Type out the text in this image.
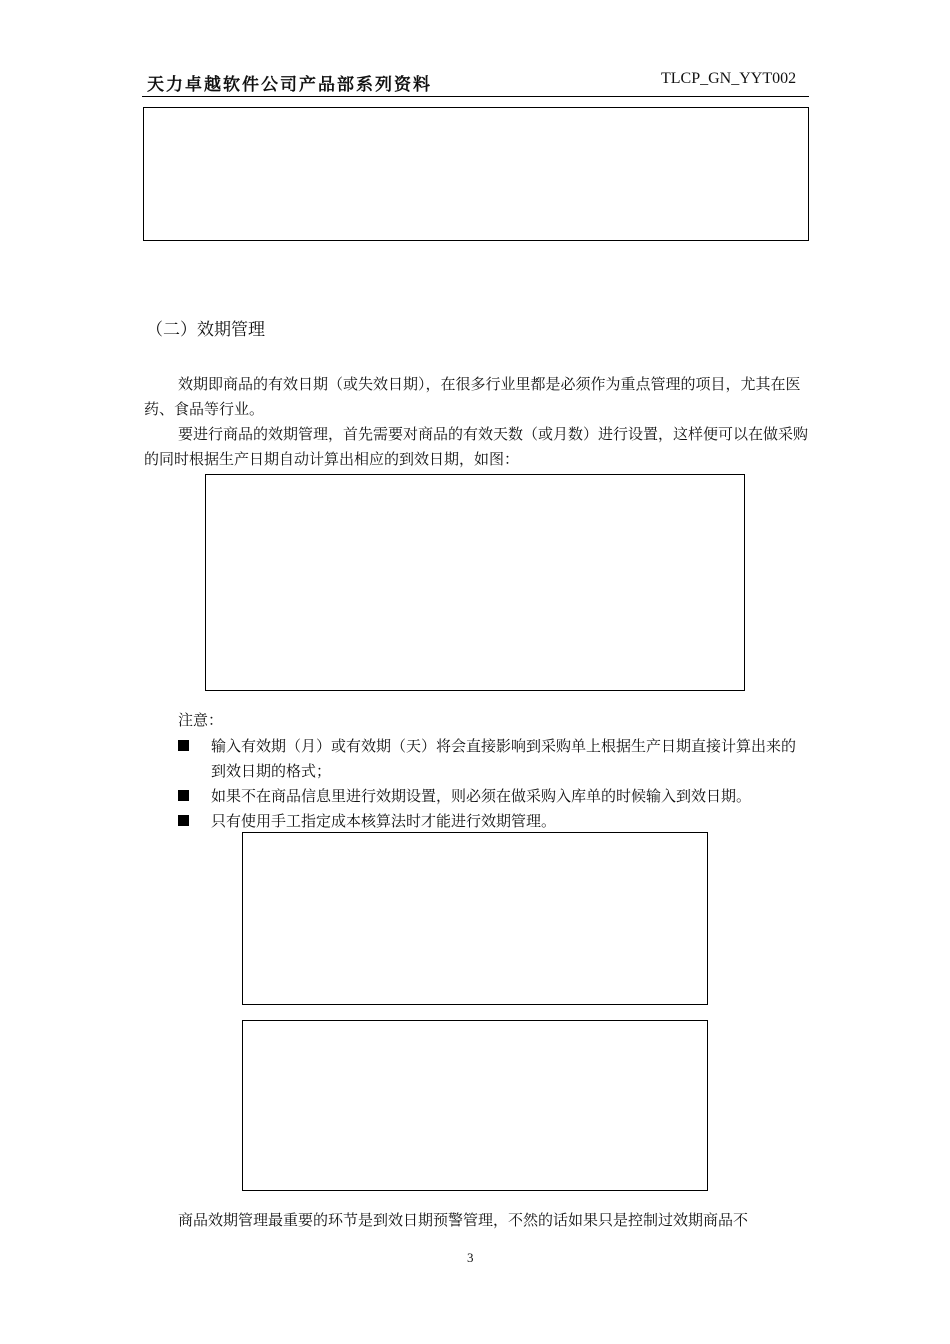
天力卓越软件公司产品部系列资料	TLCP_GN_YYT002
（二）效期管理
效期即商品的有效日期（或失效日期），在很多行业里都是必须作为重点管理的项目，尤其在医药、食品等行业。
要进行商品的效期管理，首先需要对商品的有效天数（或月数）进行设置，这样便可以在做采购的同时根据生产日期自动计算出相应的到效日期，如图：
注意：
输入有效期（月）或有效期（天）将会直接影响到采购单上根据生产日期直接计算出来的到效日期的格式；
如果不在商品信息里进行效期设置，则必须在做采购入库单的时候输入到效日期。
只有使用手工指定成本核算法时才能进行效期管理。
商品效期管理最重要的环节是到效日期预警管理，不然的话如果只是控制过效期商品不
3
